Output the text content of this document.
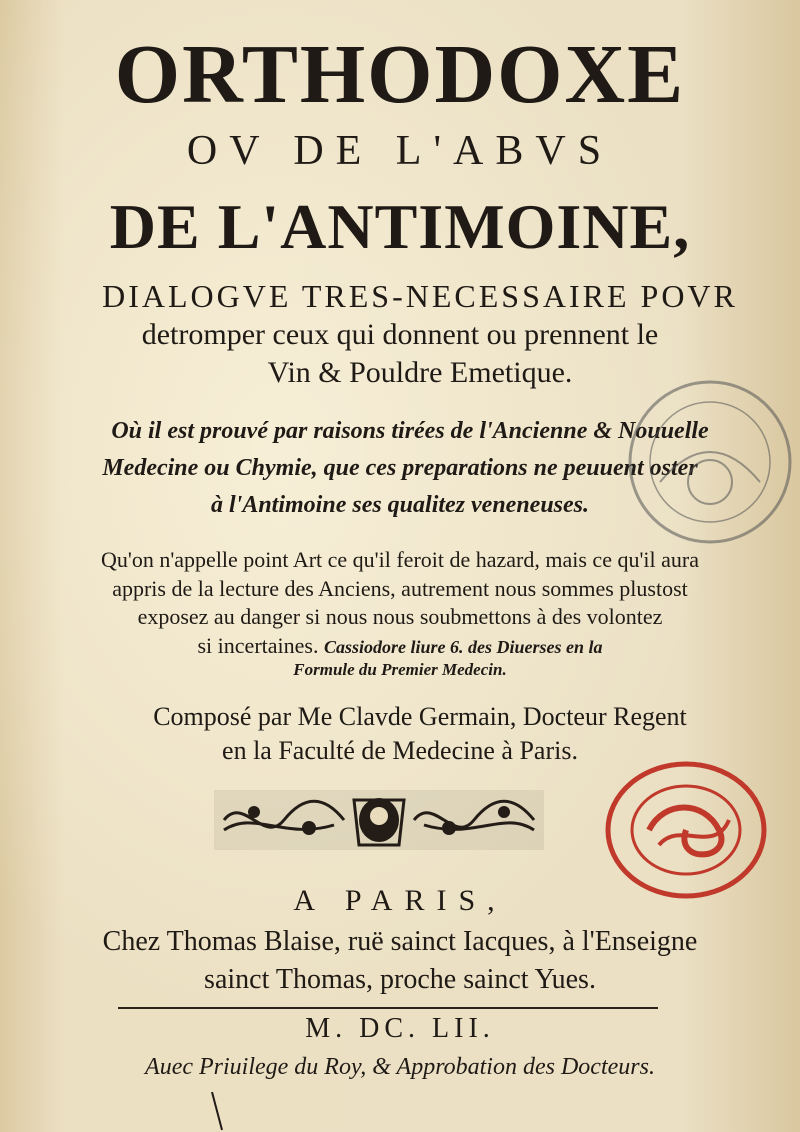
ORTHODOXE
OV DE L'ABVS
DE L'ANTIMOINE,
DIALOGVE TRES-NECESSAIRE POVR
detromper ceux qui donnent ou prennent le
Vin & Pouldre Emetique.
Où il est prouvé par raisons tirées de l'Ancienne & Nouuelle
Medecine ou Chymie, que ces preparations ne peuuent oster
à l'Antimoine ses qualitez veneneuses.
Qu'on n'appelle point Art ce qu'il feroit de hazard, mais ce qu'il aura
appris de la lecture des Anciens, autrement nous sommes plustost
exposez au danger si nous nous soubmettons à des volontez
si incertaines. Cassiodore liure 6. des Diuerses en la
Formule du Premier Medecin.
Composé par Me Clavde Germain, Docteur Regent
en la Faculté de Medecine à Paris.
A PARIS,
Chez Thomas Blaise, ruë sainct Iacques, à l'Enseigne
sainct Thomas, proche sainct Yues.
M. DC. LII.
Auec Priuilege du Roy, & Approbation des Docteurs.
